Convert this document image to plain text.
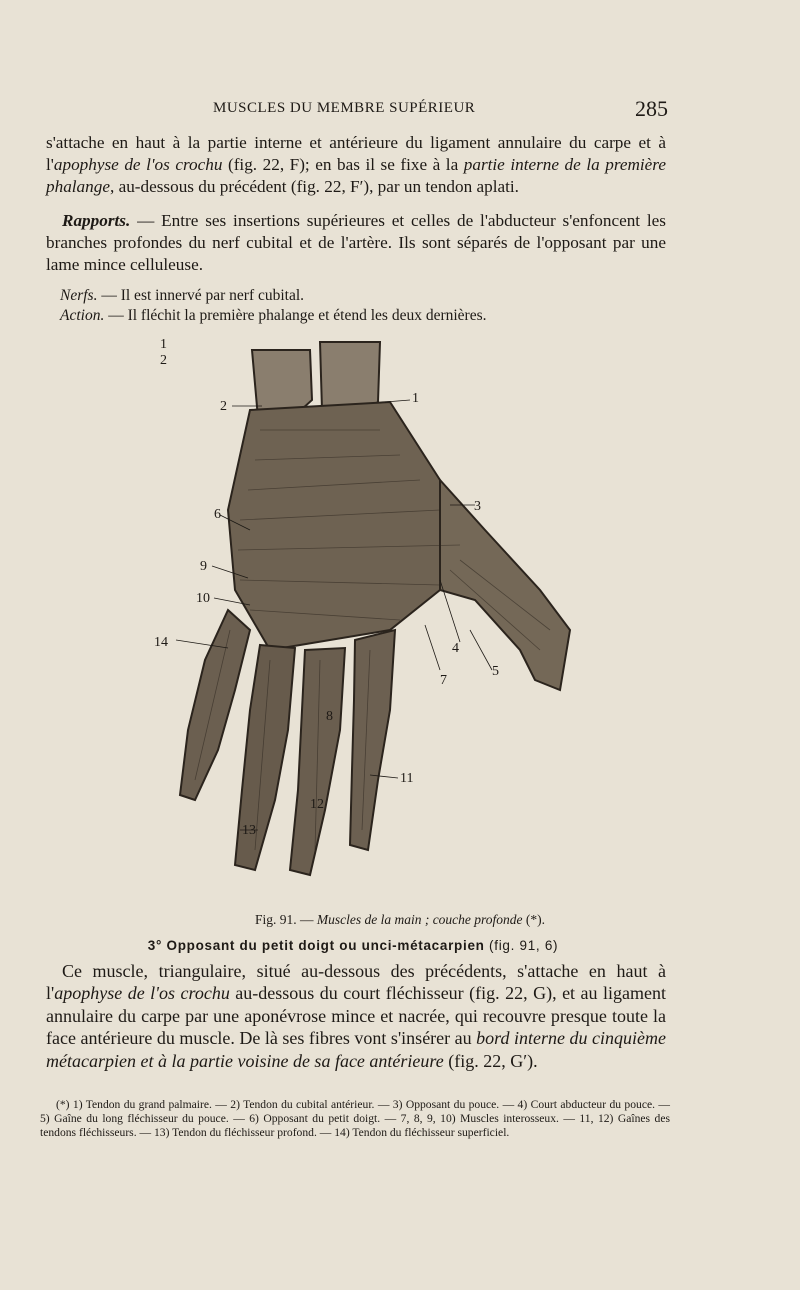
MUSCLES DU MEMBRE SUPÉRIEUR	285
s'attache en haut à la partie interne et antérieure du ligament annulaire du carpe et à l'apophyse de l'os crochu (fig. 22, F); en bas il se fixe à la partie interne de la première phalange, au-dessous du précédent (fig. 22, F′), par un tendon aplati.
Rapports. — Entre ses insertions supérieures et celles de l'abducteur s'enfoncent les branches profondes du nerf cubital et de l'artère. Ils sont séparés de l'opposant par une lame mince celluleuse.
Nerfs. — Il est innervé par nerf cubital.
Action. — Il fléchit la première phalange et étend les deux dernières.
1
2
2
1
3
6
9
10
14	4
7
5
8
11
12
13
Fig. 91. — Muscles de la main ; couche profonde (*).
3° Opposant du petit doigt ou unci-métacarpien (fig. 91, 6)
Ce muscle, triangulaire, situé au-dessous des précédents, s'attache en haut à l'apophyse de l'os crochu au-dessous du court fléchisseur (fig. 22, G), et au ligament annulaire du carpe par une aponévrose mince et nacrée, qui recouvre presque toute la face antérieure du muscle. De là ses fibres vont s'insérer au bord interne du cinquième métacarpien et à la partie voisine de sa face antérieure (fig. 22, G′).
(*) 1) Tendon du grand palmaire. — 2) Tendon du cubital antérieur. — 3) Opposant du pouce. — 4) Court abducteur du pouce. — 5) Gaîne du long fléchisseur du pouce. — 6) Opposant du petit doigt. — 7, 8, 9, 10) Muscles interosseux. — 11, 12) Gaînes des tendons fléchisseurs. — 13) Tendon du fléchisseur profond. — 14) Tendon du fléchisseur superficiel.
